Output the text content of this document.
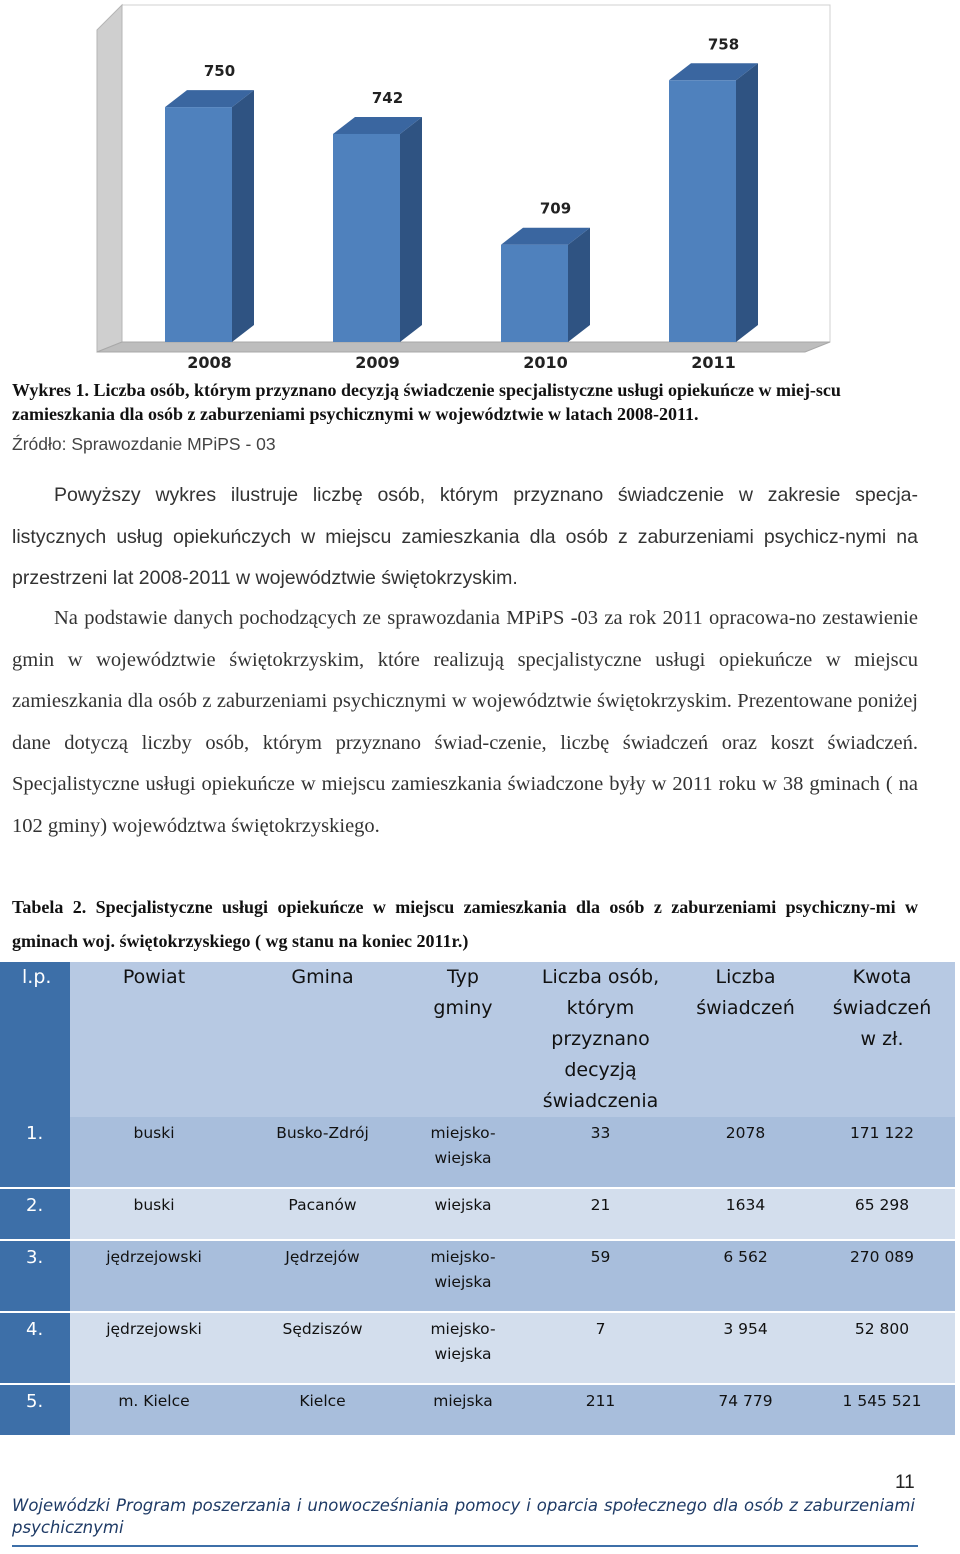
750
742
709
758
2008	2009	2010	2011
Wykres 1. Liczba osób, którym przyznano decyzją świadczenie specjalistyczne usługi opiekuńcze w miej-scu zamieszkania dla osób z zaburzeniami psychicznymi w województwie w latach 2008-2011.
Źródło: Sprawozdanie MPiPS - 03
Powyższy wykres ilustruje liczbę osób, którym przyznano świadczenie w zakresie specja-listycznych usług opiekuńczych w miejscu zamieszkania dla osób z zaburzeniami psychicz-nymi na przestrzeni lat 2008-2011 w województwie świętokrzyskim.
Na podstawie danych pochodzących ze sprawozdania MPiPS -03 za rok 2011 opracowa-no zestawienie gmin w województwie świętokrzyskim, które realizują specjalistyczne usługi opiekuńcze w miejscu zamieszkania dla osób z zaburzeniami psychicznymi w województwie świętokrzyskim. Prezentowane poniżej dane dotyczą liczby osób, którym przyznano świad-czenie, liczbę świadczeń oraz koszt świadczeń. Specjalistyczne usługi opiekuńcze w miejscu zamieszkania świadczone były w 2011 roku w 38 gminach ( na 102 gminy) województwa świętokrzyskiego.
Tabela 2. Specjalistyczne usługi opiekuńcze w miejscu zamieszkania dla osób z zaburzeniami psychiczny-mi w gminach woj. świętokrzyskiego ( wg stanu na koniec 2011r.)
l.p.	Powiat	Gmina	Typ gminy	Liczba osób, którym przyznano decyzją świadczenia	Liczba świadczeń	Kwota świadczeń w zł.

1.	buski	Busko-Zdrój	miejsko-wiejska	33	2078	171 122
2.	buski	Pacanów	wiejska	21	1634	65 298
3.	jędrzejowski	Jędrzejów	miejsko-wiejska	59	6 562	270 089
4.	jędrzejowski	Sędziszów	miejsko-wiejska	7	3 954	52 800
5.	m. Kielce	Kielce	miejska	211	74 779	1 545 521
11
Wojewódzki Program poszerzania i unowocześniania pomocy i oparcia społecznego dla osób z zaburzeniami psychicznymi
